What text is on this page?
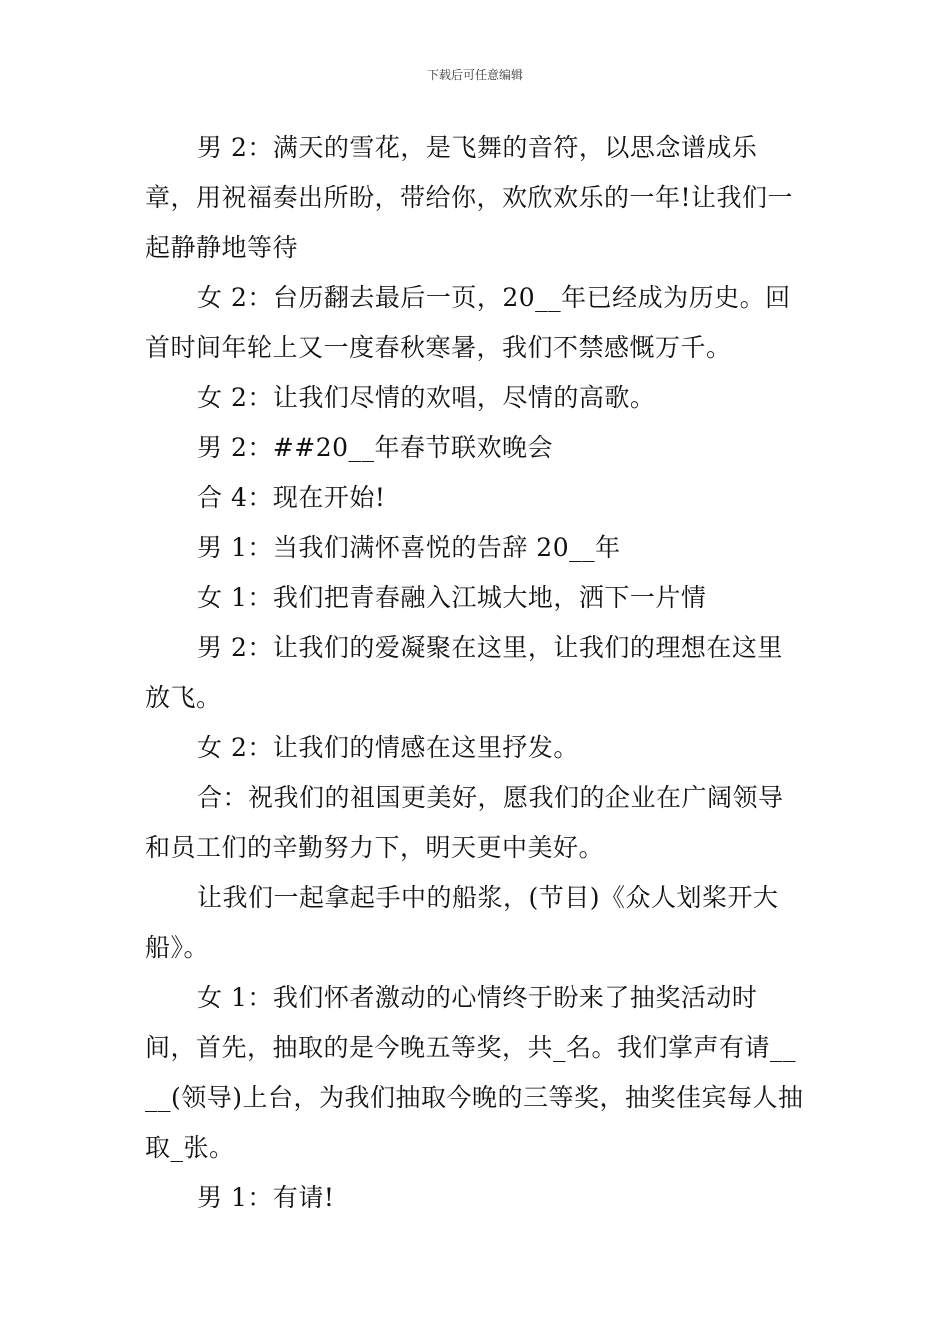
下载后可任意编辑

男 2：满天的雪花，是飞舞的音符，以思念谱成乐章，用祝福奏出所盼，带给你，欢欣欢乐的一年!让我们一起静静地等待

女 2：台历翻去最后一页，20__年已经成为历史。回首时间年轮上又一度春秋寒暑，我们不禁感慨万千。

女 2：让我们尽情的欢唱，尽情的高歌。

男 2：##20__年春节联欢晚会

合 4：现在开始!

男 1：当我们满怀喜悦的告辞 20__年

女 1：我们把青春融入江城大地，洒下一片情

男 2：让我们的爱凝聚在这里，让我们的理想在这里放飞。

女 2：让我们的情感在这里抒发。

合：祝我们的祖国更美好，愿我们的企业在广阔领导和员工们的辛勤努力下，明天更中美好。

让我们一起拿起手中的船浆，(节目)《众人划桨开大船》。

女 1：我们怀者激动的心情终于盼来了抽奖活动时间，首先，抽取的是今晚五等奖，共_名。我们掌声有请____(领导)上台，为我们抽取今晚的三等奖，抽奖佳宾每人抽取_张。

男 1：有请!
